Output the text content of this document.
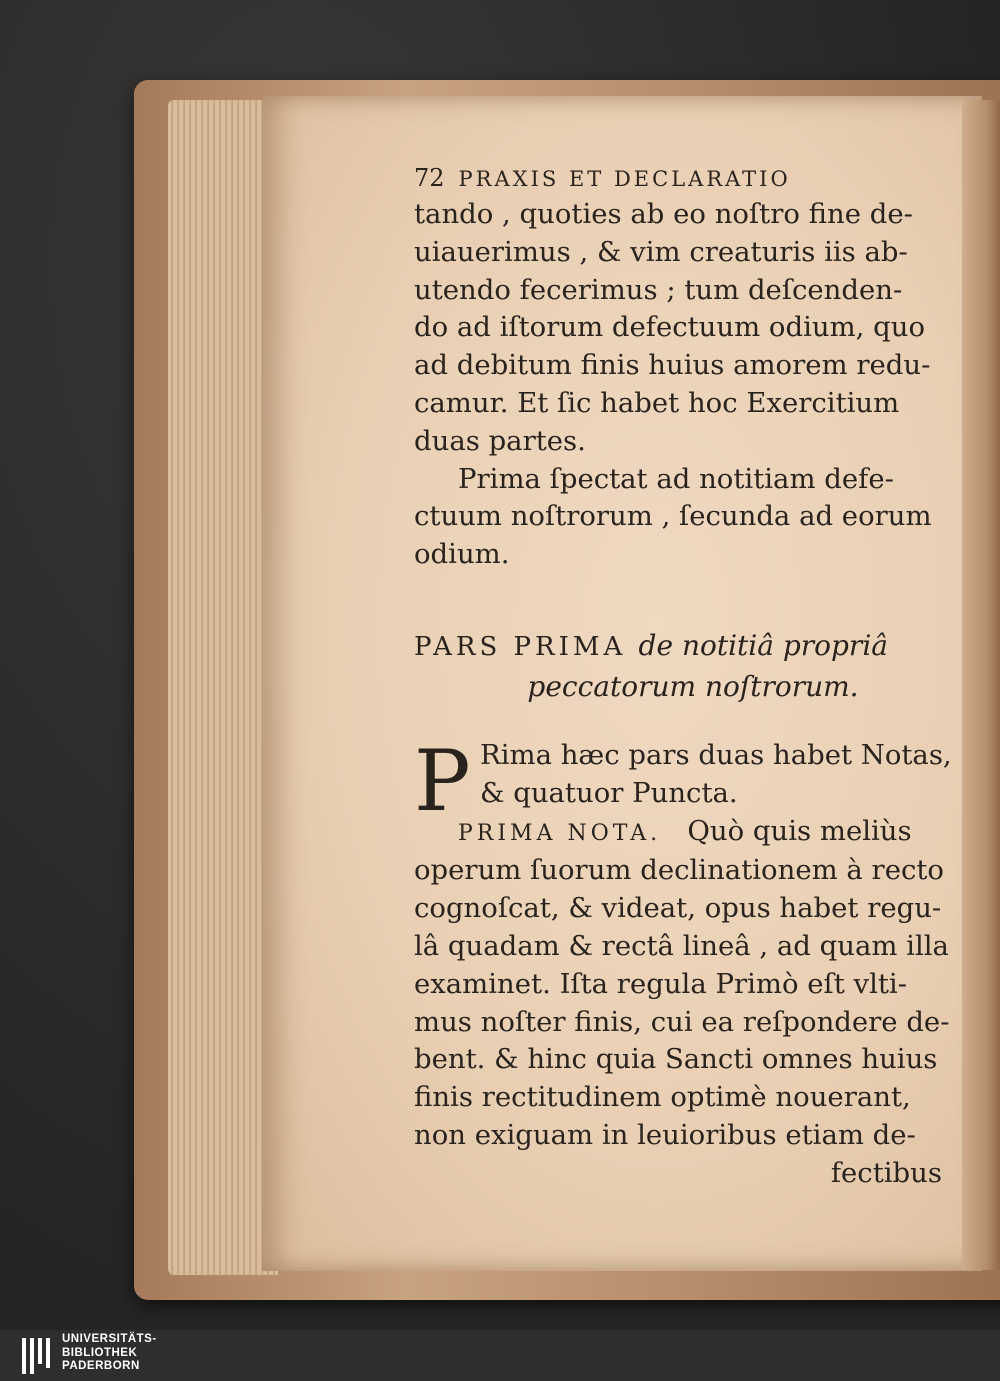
72 PRAXIS ET DECLARATIO
tando , quoties ab eo noſtro fine de-
uiauerimus , & vim creaturis iis ab-
utendo fecerimus ; tum deſcenden-
do ad iſtorum defectuum odium, quo
ad debitum finis huius amorem redu-
camur. Et ſic habet hoc Exercitium
duas partes.
Prima ſpectat ad notitiam defe-
ctuum noſtrorum , ſecunda ad eorum
odium.
PARS PRIMA de notitiâ propriâ
peccatorum noſtrorum.
P Rima hæc pars duas habet Notas,
& quatuor Puncta.
PRIMA NOTA. Quò quis meliùs
operum ſuorum declinationem à recto
cognoſcat, & videat, opus habet regu-
lâ quadam & rectâ lineâ , ad quam illa
examinet. Iſta regula Primò eſt vlti-
mus noſter finis, cui ea reſpondere de-
bent. & hinc quia Sancti omnes huius
finis rectitudinem optimè nouerant,
non exiguam in leuioribus etiam de-
fectibus
UNIVERSITÄTS-
BIBLIOTHEK
PADERBORN
